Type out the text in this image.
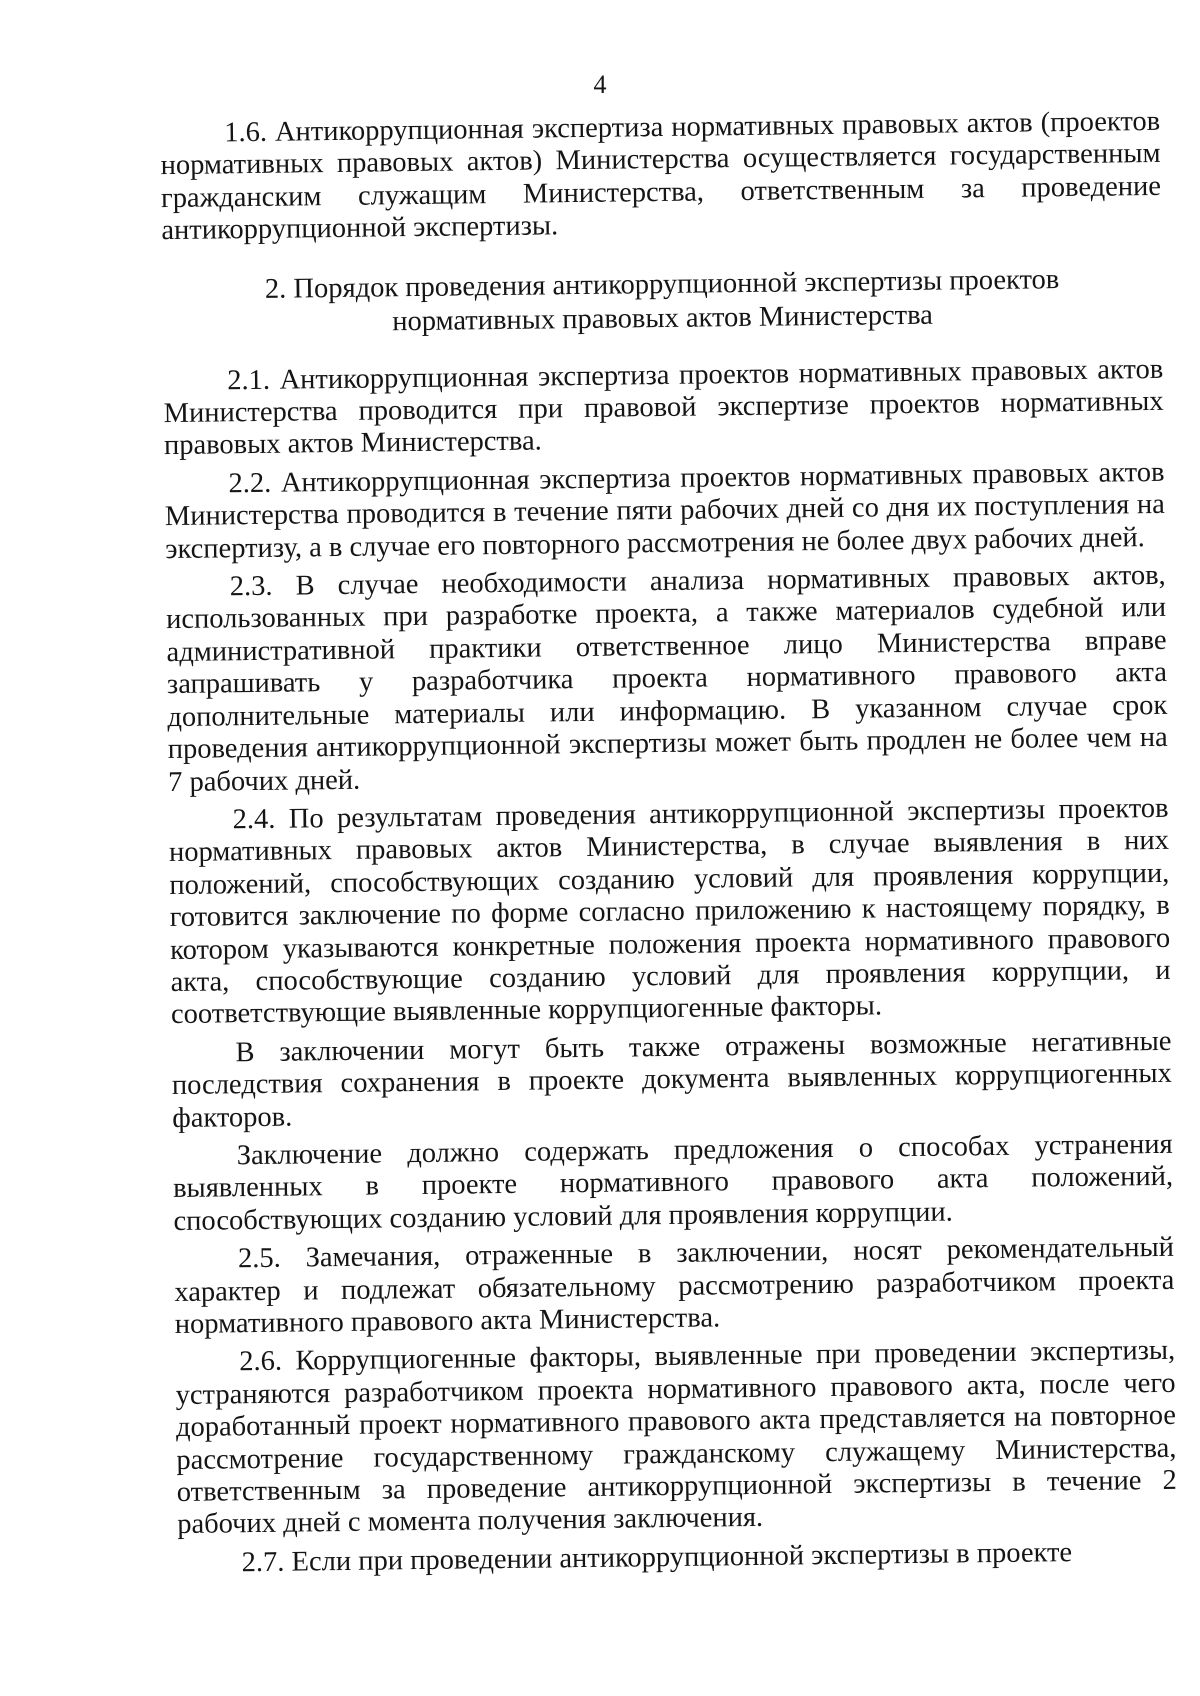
4

1.6. Антикоррупционная экспертиза нормативных правовых актов (проектов нормативных правовых актов) Министерства осуществляется государственным гражданским служащим Министерства, ответственным за проведение антикоррупционной экспертизы.

2. Порядок проведения антикоррупционной экспертизы проектов
нормативных правовых актов Министерства

2.1. Антикоррупционная экспертиза проектов нормативных правовых актов Министерства проводится при правовой экспертизе проектов нормативных правовых актов Министерства.

2.2. Антикоррупционная экспертиза проектов нормативных правовых актов Министерства проводится в течение пяти рабочих дней со дня их поступления на экспертизу, а в случае его повторного рассмотрения не более двух рабочих дней.

2.3. В случае необходимости анализа нормативных правовых актов, использованных при разработке проекта, а также материалов судебной или административной практики ответственное лицо Министерства вправе запрашивать у разработчика проекта нормативного правового акта дополнительные материалы или информацию. В указанном случае срок проведения антикоррупционной экспертизы может быть продлен не более чем на 7 рабочих дней.

2.4. По результатам проведения антикоррупционной экспертизы проектов нормативных правовых актов Министерства, в случае выявления в них положений, способствующих созданию условий для проявления коррупции, готовится заключение по форме согласно приложению к настоящему порядку, в котором указываются конкретные положения проекта нормативного правового акта, способствующие созданию условий для проявления коррупции, и соответствующие выявленные коррупциогенные факторы.

В заключении могут быть также отражены возможные негативные последствия сохранения в проекте документа выявленных коррупциогенных факторов.

Заключение должно содержать предложения о способах устранения выявленных в проекте нормативного правового акта положений, способствующих созданию условий для проявления коррупции.

2.5. Замечания, отраженные в заключении, носят рекомендательный характер и подлежат обязательному рассмотрению разработчиком проекта нормативного правового акта Министерства.

2.6. Коррупциогенные факторы, выявленные при проведении экспертизы, устраняются разработчиком проекта нормативного правового акта, после чего доработанный проект нормативного правового акта представляется на повторное рассмотрение государственному гражданскому служащему Министерства, ответственным за проведение антикоррупционной экспертизы в течение 2 рабочих дней с момента получения заключения.

2.7. Если при проведении антикоррупционной экспертизы в проекте
